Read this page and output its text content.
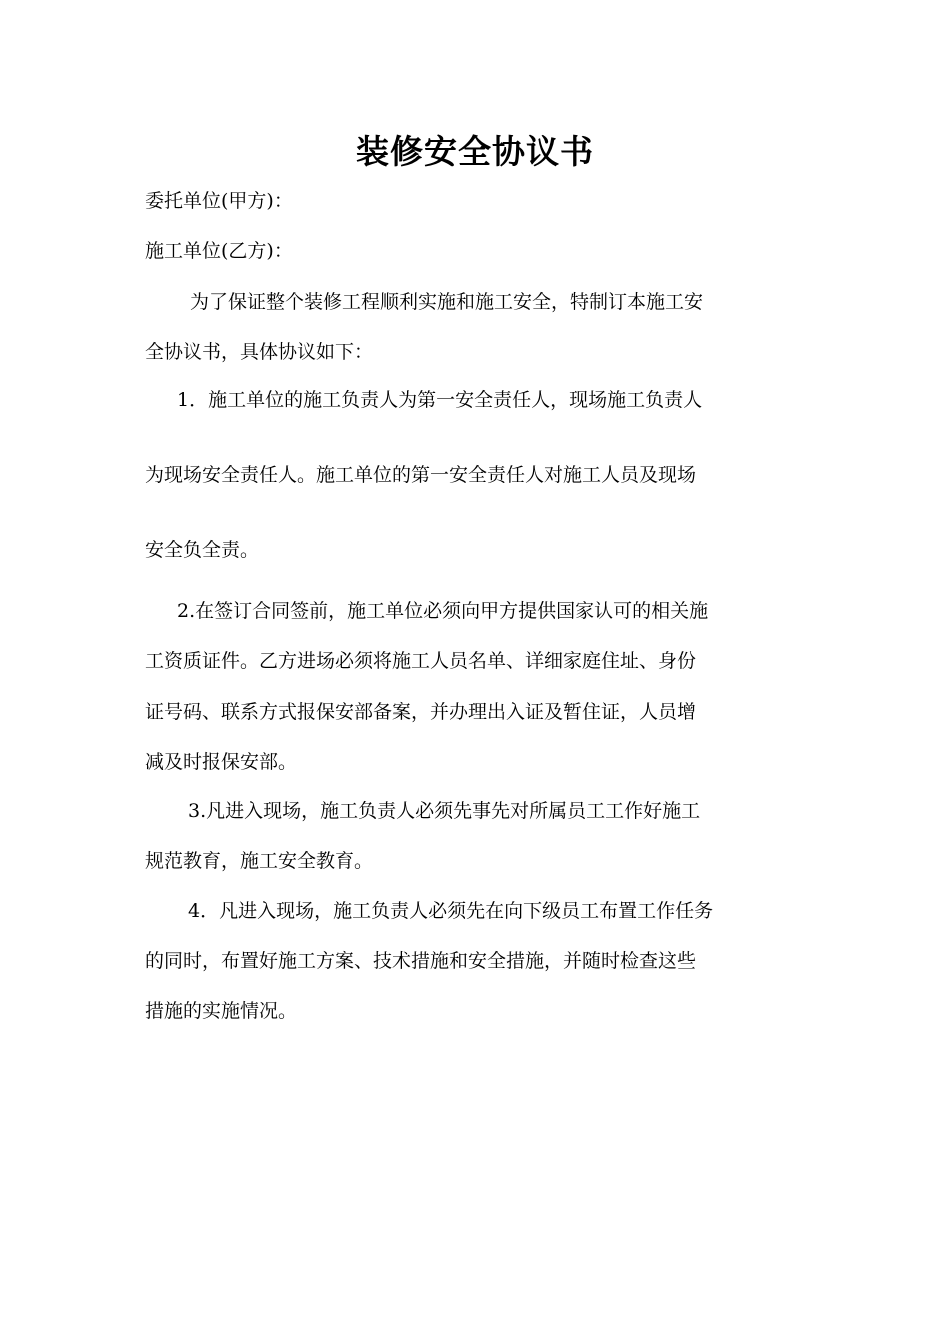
装修安全协议书
委托单位(甲方)：
施工单位(乙方)：
为了保证整个装修工程顺利实施和施工安全，特制订本施工安
全协议书，具体协议如下：
1．施工单位的施工负责人为第一安全责任人，现场施工负责人
为现场安全责任人。施工单位的第一安全责任人对施工人员及现场
安全负全责。
2.在签订合同签前，施工单位必须向甲方提供国家认可的相关施
工资质证件。乙方进场必须将施工人员名单、详细家庭住址、身份
证号码、联系方式报保安部备案，并办理出入证及暂住证，人员增
减及时报保安部。
3.凡进入现场，施工负责人必须先事先对所属员工工作好施工
规范教育，施工安全教育。
4．凡进入现场，施工负责人必须先在向下级员工布置工作任务
的同时，布置好施工方案、技术措施和安全措施，并随时检查这些
措施的实施情况。
